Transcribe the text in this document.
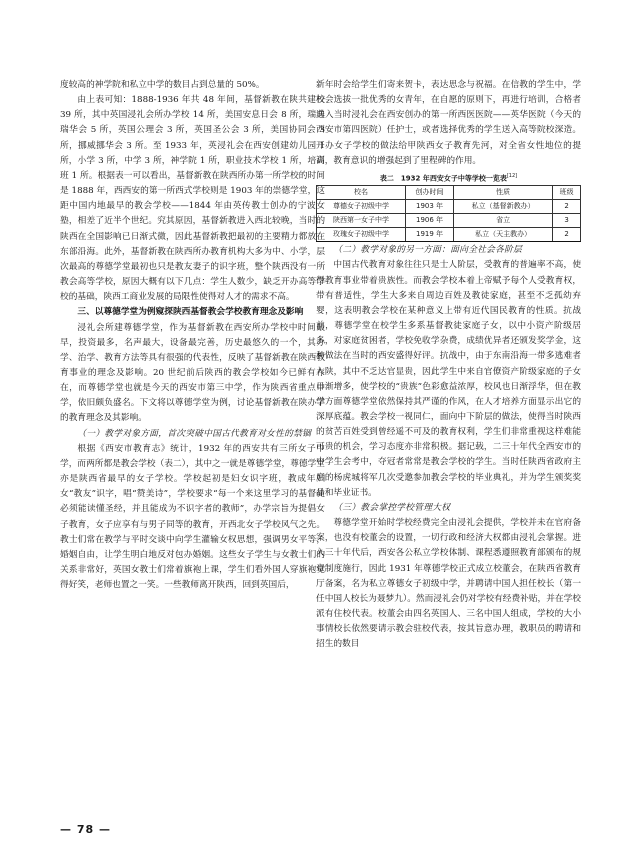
度较高的神学院和私立中学的数目占到总量的 50%。

由上表可知：1888-1936 年共 48 年间，基督新教在陕共建校 39 所，其中英国浸礼会所办学校 14 所，美国安息日会 8 所，瑞典瑞华会 5 所，英国公理会 3 所，英国圣公会 3 所，美国协同会 3 所，挪威挪华会 3 所。至 1933 年，英浸礼会在西安创建幼儿园 1 所，小学 3 所，中学 3 所，神学院 1 所，职业技术学校 1 所，培训班 1 所。根据表一可以看出，基督新教在陕西所办第一所学校的时间是 1888 年，西西安的第一所西式学校则是 1903 年的崇德学堂，这距中国内地最早的教会学校——1844 年由英传教士创办的宁波女塾，相差了近半个世纪。究其原因，基督新教进入西北较晚，当时的陕西在全国影响已日渐式微，因此基督新教把最初的主要精力都放在东部沿海。此外，基督新教在陕西所办教育机构大多为中、小学，层次最高的尊德学堂最初也只是教友妻子的识字班，整个陕西没有一所教会高等学校，原因大概有以下几点：学生人数少，缺乏开办高等学校的基础，陕西工商业发展的局限性使得对人才的需求不高。

三、以尊德学堂为例窥探陕西基督教会学校教育理念及影响

浸礼会所建尊德学堂，作为基督新教在西安所办学校中时间最早，投资最多，名声最大，设备最完善，历史最悠久的一个，其办学、治学、教育方法等具有很强的代表性，反映了基督新教在陕西教育事业的理念及影响。20 世纪前后陕西的教会学校如今已鲜有存在，而尊德学堂也就是今天的西安市第三中学，作为陕西省重点中学，依旧颇负盛名。下文将以尊德学堂为例，讨论基督新教在陕办学的教育理念及其影响。

（一）教学对象方面，首次突破中国古代教育对女性的禁锢

根据《西安市教育志》统计，1932 年的西安共有三所女子中学，而两所都是教会学校（表二），其中之一就是尊德学堂，尊德学堂亦是陕西省最早的女子学校。学校起初是妇女识字班，教成年妇女“教友”识字，唱“赞美诗”，学校要求“每一个来这里学习的基督徒必须能读懂圣经，并且能成为不识字者的教师”，办学宗旨为提倡女子教育，女子应享有与男子同等的教育，开西北女子学校风气之先。教士们常在教学与平时交谈中向学生灌输女权思想，强调男女平等，婚姻自由，让学生明白地反对包办婚姻。这些女子学生与女教士们的关系非常好，英国女教士们常着旗袍上课，学生们看外国人穿旗袍觉得好笑，老师也置之一笑。一些教师离开陕西，回到英国后，

新年时会给学生们寄来贺卡，表达思念与祝福。在信教的学生中，学校会选拔一批优秀的女青年，在自愿的原则下，再进行培训，合格者送入当时浸礼会在西安创办的第一所西医医院——英华医院（今天的西安市第四医院）任护士，或者选择优秀的学生送入高等院校深造。开办女子学校的做法给甲陕西女子教育先河，对全省女性地位的提高，教育意识的增强起到了里程碑的作用。

表二　1932 年西安女子中等学校一览表[12]
校名	创办时间	性质	班级
尊德女子初级中学	1903 年	私立（基督新教办）	2
陕西第一女子中学	1906 年	省立	3
玫瑰女子初级中学	1919 年	私立（天主教办）	2

（二）教学对象的另一方面：面向全社会各阶层

中国古代教育对象往往只是士人阶层，受教育的普遍率不高，使得教育事业带着贵族性。而教会学校本着上帝赋予每个人受教育权，带有普适性，学生大多来自周边百姓及教徒家庭，甚至不乏孤幼弃婴，这表明教会学校在某种意义上带有近代国民教育的性质。抗战前，尊德学堂在校学生多系基督教徒家庭子女，以中小资产阶级居多，对家庭贫困者，学校免收学杂费，成绩优异者还颁发奖学金，这种做法在当时的西安盛得好评。抗战中，由于东南沿海一带多逃难者入陕，其中不乏达官显贵，因此学生中来自官僚资产阶级家庭的子女日渐增多，使学校的“贵族”色彩愈益浓厚，校风也日渐浮华，但在教学方面尊德学堂依然保持其严谨的作风，在人才培养方面显示出它的深厚底蕴。教会学校一视同仁，面向中下阶层的做法，使得当时陕西的贫苦百姓受到曾经遥不可及的教育权利，学生们非常重视这样难能可贵的机会，学习态度亦非常积极。据记载，二三十年代全西安市的中学生会考中，夺冠者常常是教会学校的学生。当时任陕西省政府主席的杨虎城将军几次受邀参加教会学校的毕业典礼，并为学生颁奖奖品和毕业证书。

（三）教会掌控学校管理大权

尊德学堂开始时学校经费完全由浸礼会提供，学校并未在官府备案，也没有校董会的设置，一切行政和经济大权都由浸礼会掌握。进入三十年代后，西安各公私立学校体制、课程悉遵照教育部颁布的规章制度施行，因此 1931 年尊德学校正式成立校董会，在陕西省教育厅备案，名为私立尊德女子初级中学，并聘请中国人担任校长（第一任中国人校长为聂梦九）。然而浸礼会仍对学校有经费补贴，并在学校派有住校代表。校董会由四名英国人、三名中国人组成，学校的大小事情校长依然要请示教会驻校代表，按其旨意办理，教职员的聘请和招生的数目

— 78 —
